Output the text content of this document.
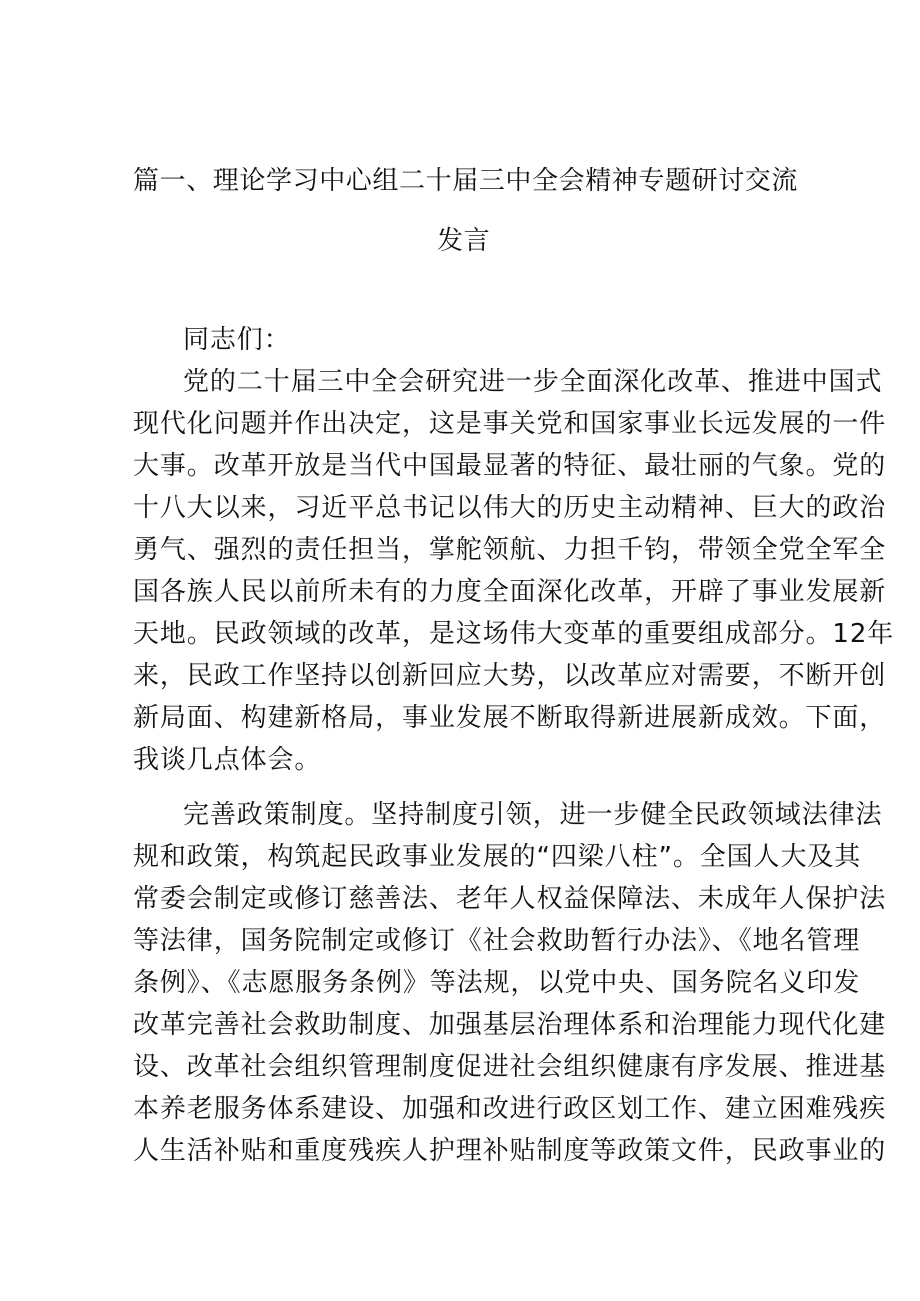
篇一、理论学习中心组二十届三中全会精神专题研讨交流
发言
同志们：
党的二十届三中全会研究进一步全面深化改革、推进中国式
现代化问题并作出决定，这是事关党和国家事业长远发展的一件
大事。改革开放是当代中国最显著的特征、最壮丽的气象。党的
十八大以来，习近平总书记以伟大的历史主动精神、巨大的政治
勇气、强烈的责任担当，掌舵领航、力担千钧，带领全党全军全
国各族人民以前所未有的力度全面深化改革，开辟了事业发展新
天地。民政领域的改革，是这场伟大变革的重要组成部分。12年
来，民政工作坚持以创新回应大势，以改革应对需要，不断开创
新局面、构建新格局，事业发展不断取得新进展新成效。下面，
我谈几点体会。
完善政策制度。坚持制度引领，进一步健全民政领域法律法
规和政策，构筑起民政事业发展的“四梁八柱”。全国人大及其
常委会制定或修订慈善法、老年人权益保障法、未成年人保护法
等法律，国务院制定或修订《社会救助暂行办法》、《地名管理
条例》、《志愿服务条例》等法规，以党中央、国务院名义印发
改革完善社会救助制度、加强基层治理体系和治理能力现代化建
设、改革社会组织管理制度促进社会组织健康有序发展、推进基
本养老服务体系建设、加强和改进行政区划工作、建立困难残疾
人生活补贴和重度残疾人护理补贴制度等政策文件，民政事业的
